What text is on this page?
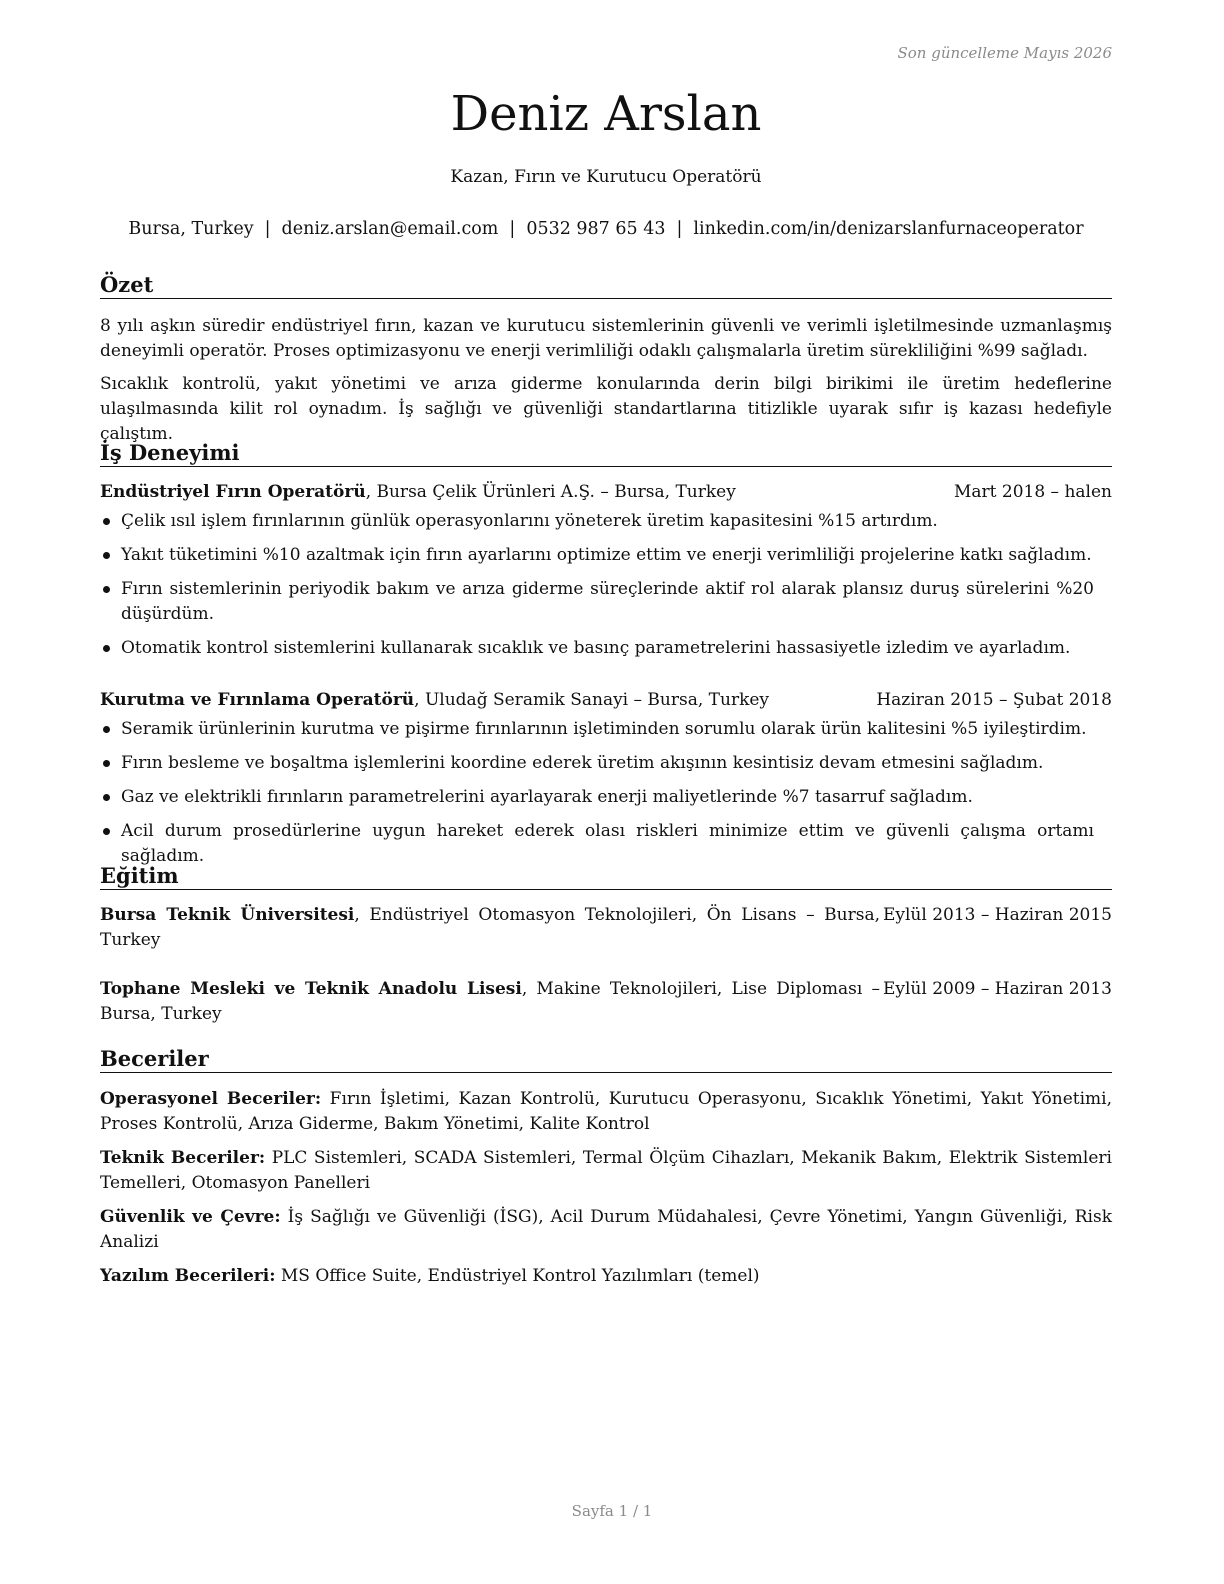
Son güncelleme Mayıs 2026
Deniz Arslan
Kazan, Fırın ve Kurutucu Operatörü
Bursa, Turkey | deniz.arslan@email.com | 0532 987 65 43 | linkedin.com/in/denizarslanfurnaceoperator
Özet

8 yılı aşkın süredir endüstriyel fırın, kazan ve kurutucu sistemlerinin güvenli ve verimli işletilmesinde uzmanlaşmış deneyimli operatör. Proses optimizasyonu ve enerji verimliliği odaklı çalışmalarla üretim sürekliliğini %99 sağladı.

Sıcaklık kontrolü, yakıt yönetimi ve arıza giderme konularında derin bilgi birikimi ile üretim hedeflerine ulaşılmasında kilit rol oynadım. İş sağlığı ve güvenliği standartlarına titizlikle uyarak sıfır iş kazası hedefiyle çalıştım.

İş Deneyimi
Endüstriyel Fırın Operatörü, Bursa Çelik Ürünleri A.Ş. – Bursa, Turkey	Mart 2018 – halen
Çelik ısıl işlem fırınlarının günlük operasyonlarını yöneterek üretim kapasitesini %15 artırdım.
Yakıt tüketimini %10 azaltmak için fırın ayarlarını optimize ettim ve enerji verimliliği projelerine katkı sağladım.
Fırın sistemlerinin periyodik bakım ve arıza giderme süreçlerinde aktif rol alarak plansız duruş sürelerini %20 düşürdüm.
Otomatik kontrol sistemlerini kullanarak sıcaklık ve basınç parametrelerini hassasiyetle izledim ve ayarladım.
Kurutma ve Fırınlama Operatörü, Uludağ Seramik Sanayi – Bursa, Turkey	Haziran 2015 – Şubat 2018
Seramik ürünlerinin kurutma ve pişirme fırınlarının işletiminden sorumlu olarak ürün kalitesini %5 iyileştirdim.
Fırın besleme ve boşaltma işlemlerini koordine ederek üretim akışının kesintisiz devam etmesini sağladım.
Gaz ve elektrikli fırınların parametrelerini ayarlayarak enerji maliyetlerinde %7 tasarruf sağladım.
Acil durum prosedürlerine uygun hareket ederek olası riskleri minimize ettim ve güvenli çalışma ortamı sağladım.
Eğitim
Bursa Teknik Üniversitesi, Endüstriyel Otomasyon Teknolojileri, Ön Lisans – Bursa, Turkey
Eylül 2013 – Haziran 2015
Tophane Mesleki ve Teknik Anadolu Lisesi, Makine Teknolojileri, Lise Diploması – Bursa, Turkey
Eylül 2009 – Haziran 2013
Beceriler
Operasyonel Beceriler: Fırın İşletimi, Kazan Kontrolü, Kurutucu Operasyonu, Sıcaklık Yönetimi, Yakıt Yönetimi, Proses Kontrolü, Arıza Giderme, Bakım Yönetimi, Kalite Kontrol
Teknik Beceriler: PLC Sistemleri, SCADA Sistemleri, Termal Ölçüm Cihazları, Mekanik Bakım, Elektrik Sistemleri Temelleri, Otomasyon Panelleri
Güvenlik ve Çevre: İş Sağlığı ve Güvenliği (İSG), Acil Durum Müdahalesi, Çevre Yönetimi, Yangın Güvenliği, Risk Analizi
Yazılım Becerileri: MS Office Suite, Endüstriyel Kontrol Yazılımları (temel)
Sayfa 1 / 1
